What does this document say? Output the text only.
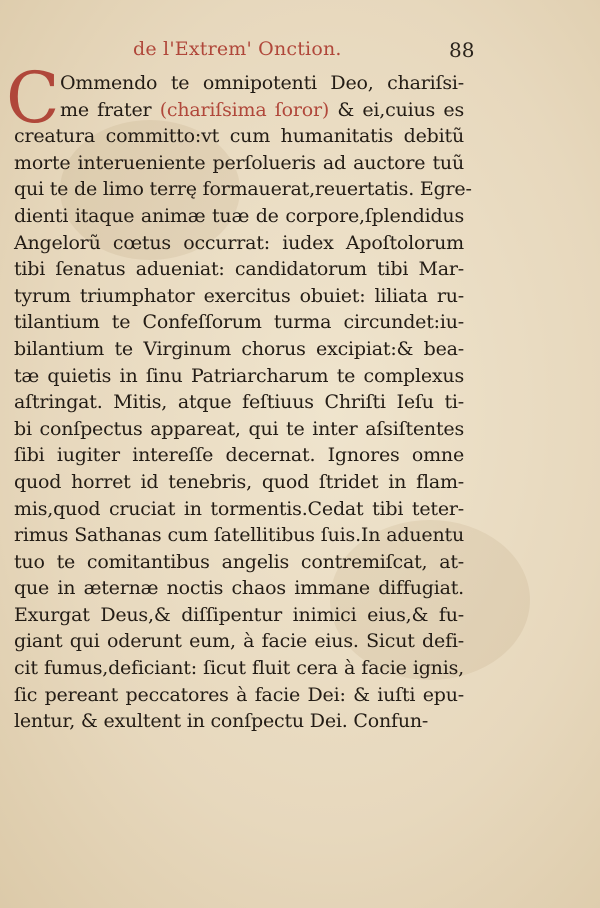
de l'Extrem' Onction.	88
C Ommendo te omnipotenti Deo, chariſsi-
me frater (chariſsima ſoror) & ei,cuius es
creatura committo:vt cum humanitatis debitũ
morte interueniente perſolueris ad auctore tuũ
qui te de limo terrę formauerat,reuertatis. Egre-
dienti itaque animæ tuæ de corpore,ſplendidus
Angelorũ cœtus occurrat: iudex Apoſtolorum
tibi ſenatus adueniat: candidatorum tibi Mar-
tyrum triumphator exercitus obuiet: liliata ru-
tilantium te Confeſſorum turma circundet:iu-
bilantium te Virginum chorus excipiat:& bea-
tæ quietis in ſinu Patriarcharum te complexus
aſtringat. Mitis, atque feſtiuus Chriſti Ieſu ti-
bi conſpectus appareat, qui te inter aſsiſtentes
ſibi iugiter intereſſe decernat. Ignores omne
quod horret id tenebris, quod ſtridet in flam-
mis,quod cruciat in tormentis.Cedat tibi teter-
rimus Sathanas cum ſatellitibus ſuis.In aduentu
tuo te comitantibus angelis contremiſcat, at-
que in æternæ noctis chaos immane diffugiat.
Exurgat Deus,& diſſipentur inimici eius,& fu-
giant qui oderunt eum, à facie eius. Sicut defi-
cit fumus,deficiant: ſicut fluit cera à facie ignis,
ſic pereant peccatores à facie Dei: & iuſti epu-
lentur, & exultent in conſpectu Dei. Confun-
